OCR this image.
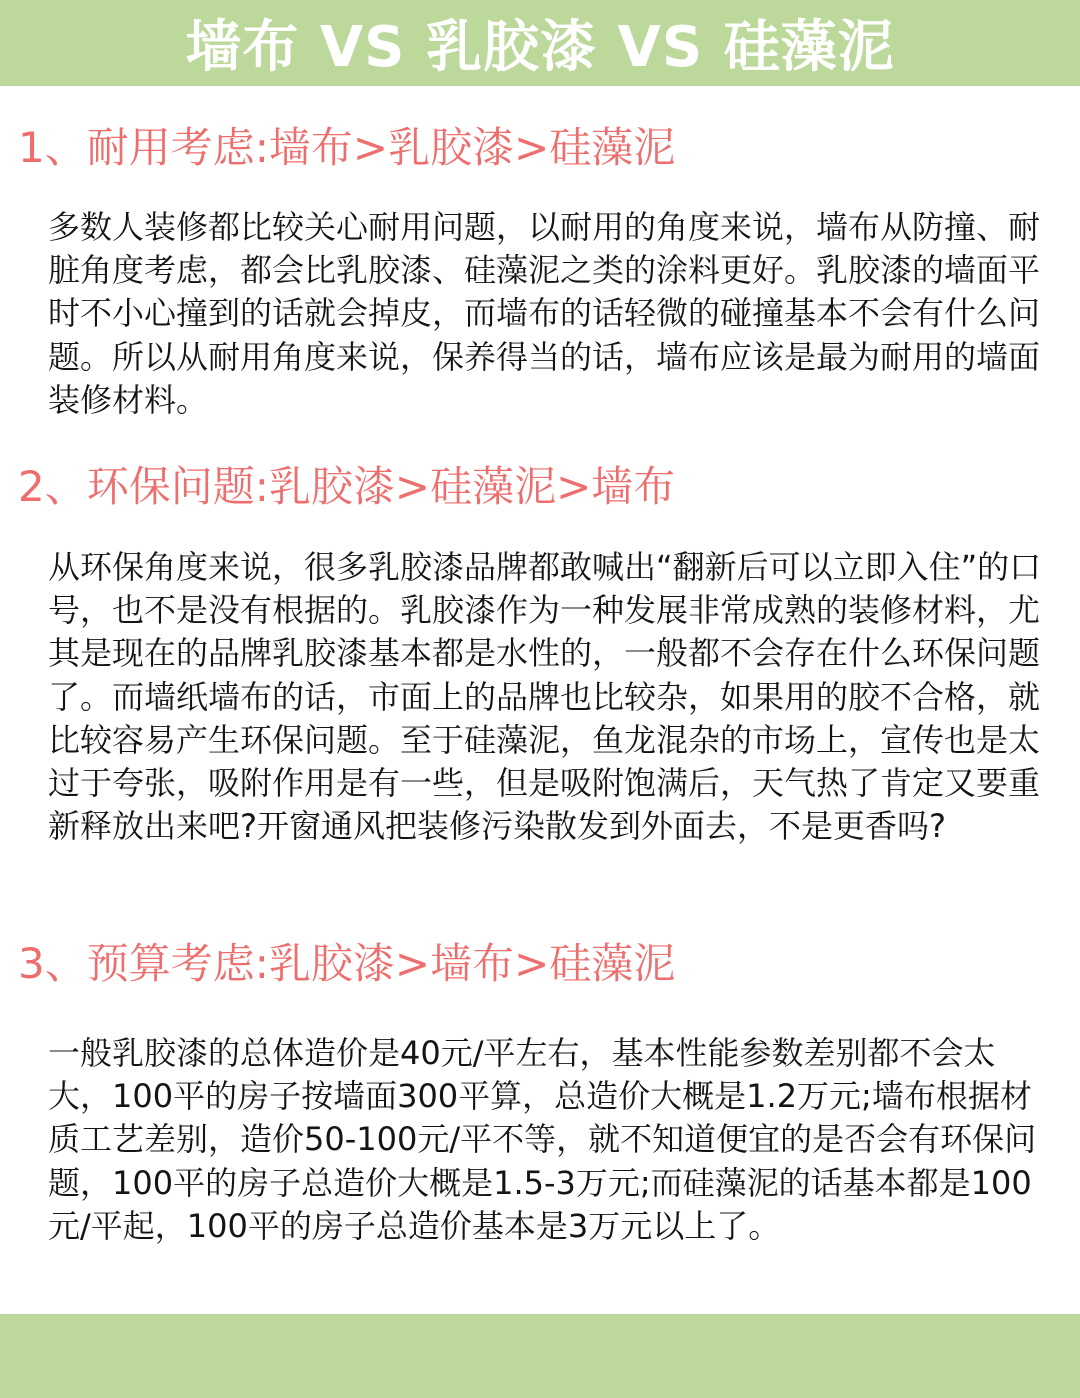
墙布 VS 乳胶漆 VS 硅藻泥
1、耐用考虑:墙布>乳胶漆>硅藻泥
多数人装修都比较关心耐用问题，以耐用的角度来说，墙布从防撞、耐脏角度考虑，都会比乳胶漆、硅藻泥之类的涂料更好。乳胶漆的墙面平时不小心撞到的话就会掉皮，而墙布的话轻微的碰撞基本不会有什么问题。所以从耐用角度来说，保养得当的话，墙布应该是最为耐用的墙面装修材料。
2、环保问题:乳胶漆>硅藻泥>墙布
从环保角度来说，很多乳胶漆品牌都敢喊出“翻新后可以立即入住”的口号，也不是没有根据的。乳胶漆作为一种发展非常成熟的装修材料，尤其是现在的品牌乳胶漆基本都是水性的，一般都不会存在什么环保问题了。而墙纸墙布的话，市面上的品牌也比较杂，如果用的胶不合格，就比较容易产生环保问题。至于硅藻泥，鱼龙混杂的市场上，宣传也是太过于夸张，吸附作用是有一些，但是吸附饱满后，天气热了肯定又要重新释放出来吧?开窗通风把装修污染散发到外面去，不是更香吗?
3、预算考虑:乳胶漆>墙布>硅藻泥
一般乳胶漆的总体造价是40元/平左右，基本性能参数差别都不会太大，100平的房子按墙面300平算，总造价大概是1.2万元;墙布根据材质工艺差别，造价50-100元/平不等，就不知道便宜的是否会有环保问题，100平的房子总造价大概是1.5-3万元;而硅藻泥的话基本都是100元/平起，100平的房子总造价基本是3万元以上了。
